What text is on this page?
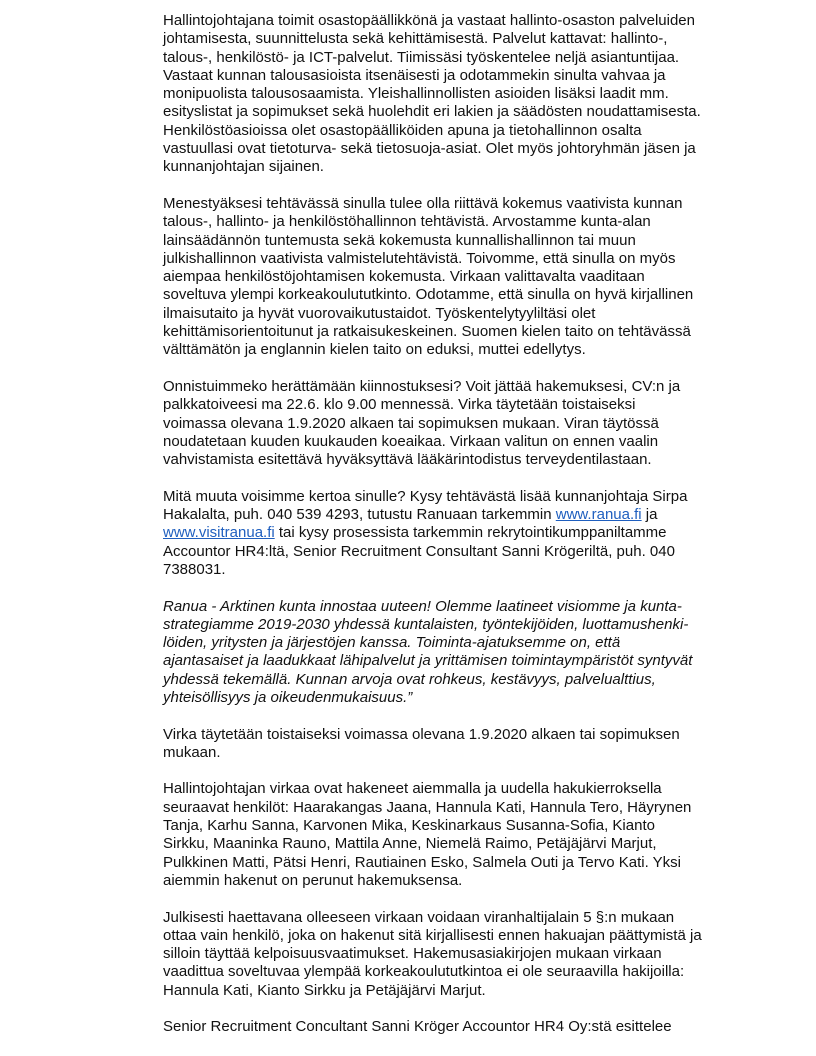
Hallintojohtajana toimit osastopäällikkönä ja vastaat hallinto-osaston palveluiden
johtamisesta, suunnittelusta sekä kehittämisestä. Palvelut kattavat: hallinto-,
talous-, henkilöstö- ja ICT-palvelut. Tiimissäsi työskentelee neljä asiantuntijaa.
Vastaat kunnan talousasioista itsenäisesti ja odotammekin sinulta vahvaa ja
monipuolista talousosaamista. Yleishallinnollisten asioiden lisäksi laadit mm.
esityslistat ja sopimukset sekä huolehdit eri lakien ja säädösten noudattamisesta.
Henkilöstöasioissa olet osastopäälliköiden apuna ja tietohallinnon osalta
vastuullasi ovat tietoturva- sekä tietosuoja-asiat. Olet myös johtoryhmän jäsen ja
kunnanjohtajan sijainen.

Menestyäksesi tehtävässä sinulla tulee olla riittävä kokemus vaativista kunnan
talous-, hallinto- ja henkilöstöhallinnon tehtävistä. Arvostamme kunta-alan
lainsäädännön tuntemusta sekä kokemusta kunnallishallinnon tai muun
julkishallinnon vaativista valmistelutehtävistä. Toivomme, että sinulla on myös
aiempaa henkilöstöjohtamisen kokemusta. Virkaan valittavalta vaaditaan
soveltuva ylempi korkeakoulututkinto. Odotamme, että sinulla on hyvä kirjallinen
ilmaisutaito ja hyvät vuorovaikutustaidot. Työskentelytyyliltäsi olet
kehittämisorientoitunut ja ratkaisukeskeinen. Suomen kielen taito on tehtävässä
välttämätön ja englannin kielen taito on eduksi, muttei edellytys.

Onnistuimmeko herättämään kiinnostuksesi? Voit jättää hakemuksesi, CV:n ja
palkkatoiveesi ma 22.6. klo 9.00 mennessä. Virka täytetään toistaiseksi
voimassa olevana 1.9.2020 alkaen tai sopimuksen mukaan. Viran täytössä
noudatetaan kuuden kuukauden koeaikaa. Virkaan valitun on ennen vaalin
vahvistamista esitettävä hyväksyttävä lääkärintodistus terveydentilastaan.

Mitä muuta voisimme kertoa sinulle? Kysy tehtävästä lisää kunnanjohtaja Sirpa
Hakalalta, puh. 040 539 4293, tutustu Ranuaan tarkemmin www.ranua.fi ja
www.visitranua.fi tai kysy prosessista tarkemmin rekrytointikumppaniltamme
Accountor HR4:ltä, Senior Recruitment Consultant Sanni Krögeriltä, puh. 040
7388031.

Ranua - Arktinen kunta innostaa uuteen! Olemme laatineet visiomme ja kunta-
strategiamme 2019-2030 yhdessä kuntalaisten, työntekijöiden, luottamushenki-
löiden, yritysten ja järjestöjen kanssa. Toiminta-ajatuksemme on, että
ajantasaiset ja laadukkaat lähipalvelut ja yrittämisen toimintaympäristöt syntyvät
yhdessä tekemällä. Kunnan arvoja ovat rohkeus, kestävyys, palvelualttius,
yhteisöllisyys ja oikeudenmukaisuus.”

Virka täytetään toistaiseksi voimassa olevana 1.9.2020 alkaen tai sopimuksen
mukaan.

Hallintojohtajan virkaa ovat hakeneet aiemmalla ja uudella hakukierroksella
seuraavat henkilöt: Haarakangas Jaana, Hannula Kati, Hannula Tero, Häyrynen
Tanja, Karhu Sanna, Karvonen Mika, Keskinarkaus Susanna-Sofia, Kianto
Sirkku, Maaninka Rauno, Mattila Anne, Niemelä Raimo, Petäjäjärvi Marjut,
Pulkkinen Matti, Pätsi Henri, Rautiainen Esko, Salmela Outi ja Tervo Kati. Yksi
aiemmin hakenut on perunut hakemuksensa.

Julkisesti haettavana olleeseen virkaan voidaan viranhaltijalain 5 §:n mukaan
ottaa vain henkilö, joka on hakenut sitä kirjallisesti ennen hakuajan päättymistä ja
silloin täyttää kelpoisuusvaatimukset. Hakemusasiakirjojen mukaan virkaan
vaadittua soveltuvaa ylempää korkeakoulututkintoa ei ole seuraavilla hakijoilla:
Hannula Kati, Kianto Sirkku ja Petäjäjärvi Marjut.

Senior Recruitment Concultant Sanni Kröger Accountor HR4 Oy:stä esittelee
